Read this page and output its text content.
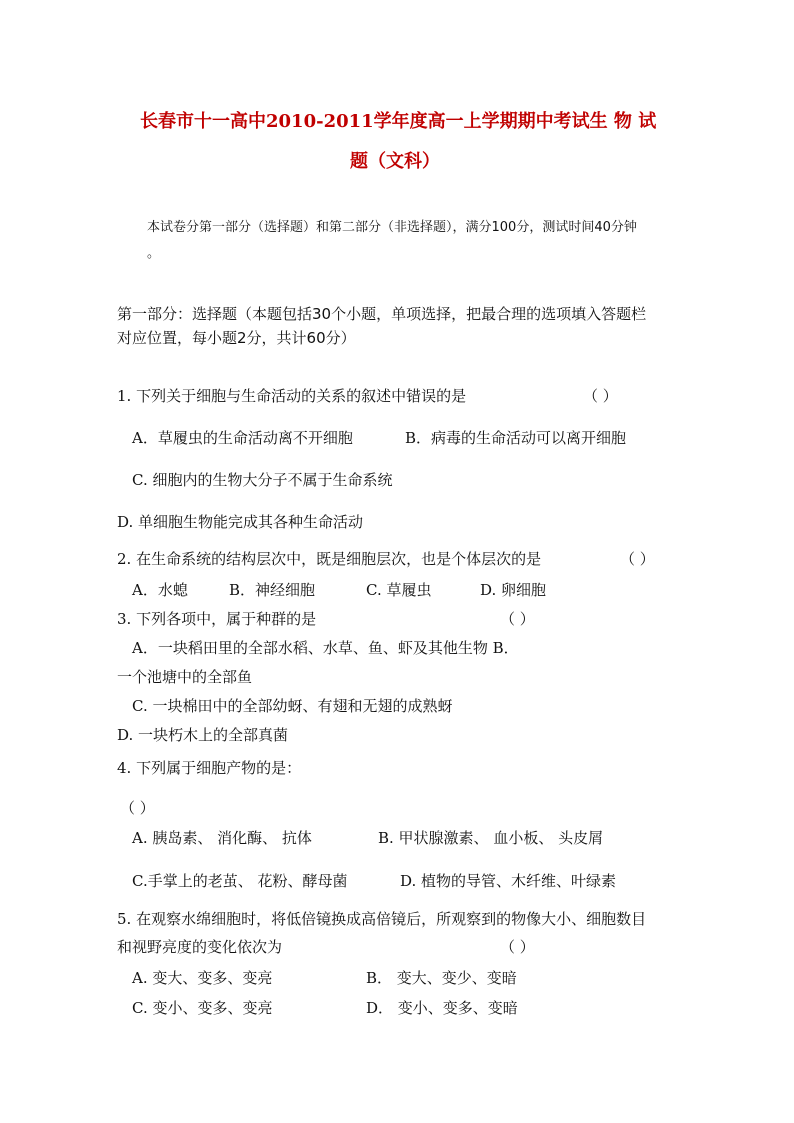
长春市十一高中2010-2011学年度高一上学期期中考试生 物 试
题（文科）
本试卷分第一部分（选择题）和第二部分（非选择题），满分100分，测试时间40分钟
。
第一部分：选择题（本题包括30个小题，单项选择，把最合理的选项填入答题栏
对应位置，每小题2分，共计60分）
1. 下列关于细胞与生命活动的关系的叙述中错误的是	（ ）
A．草履虫的生命活动离不开细胞	B．病毒的生命活动可以离开细胞
C. 细胞内的生物大分子不属于生命系统
D. 单细胞生物能完成其各种生命活动
2. 在生命系统的结构层次中，既是细胞层次，也是个体层次的是	（ ）
A．水螅	B．神经细胞	C. 草履虫	D. 卵细胞
3. 下列各项中，属于种群的是	（ ）
A．一块稻田里的全部水稻、水草、鱼、虾及其他生物 B．
一个池塘中的全部鱼
C. 一块棉田中的全部幼蚜、有翅和无翅的成熟蚜
D. 一块朽木上的全部真菌
4. 下列属于细胞产物的是：
（ ）
A. 胰岛素、 消化酶、 抗体	B. 甲状腺激素、 血小板、 头皮屑
C.手掌上的老茧、 花粉、酵母菌	D. 植物的导管、木纤维、叶绿素
5. 在观察水绵细胞时，将低倍镜换成高倍镜后，所观察到的物像大小、细胞数目
和视野亮度的变化依次为	（ ）
A. 变大、变多、变亮	B． 变大、变少、变暗
C. 变小、变多、变亮	D． 变小、变多、变暗
